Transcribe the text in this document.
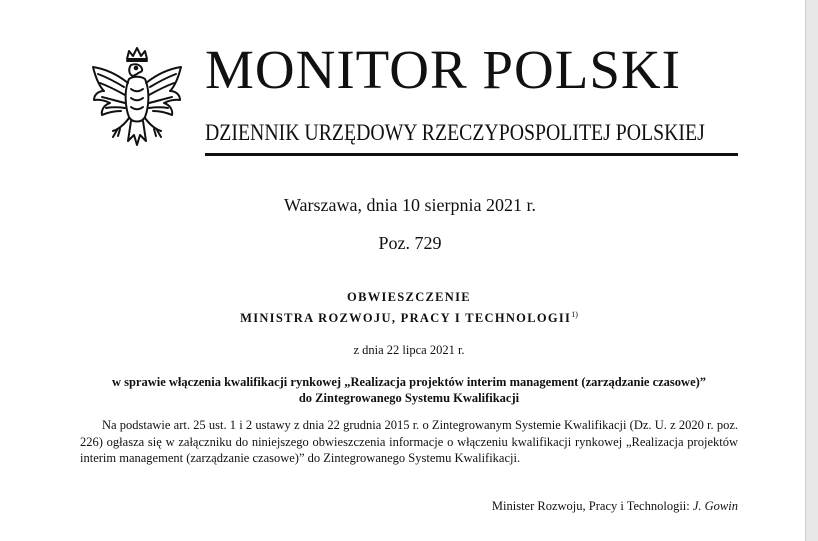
MONITOR POLSKI
DZIENNIK URZĘDOWY RZECZYPOSPOLITEJ POLSKIEJ
Warszawa, dnia 10 sierpnia 2021 r.
Poz. 729
OBWIESZCZENIE
MINISTRA ROZWOJU, PRACY I TECHNOLOGII$^{1)}$
z dnia 22 lipca 2021 r.
w sprawie włączenia kwalifikacji rynkowej „Realizacja projektów interim management (zarządzanie czasowe)”
do Zintegrowanego Systemu Kwalifikacji
Na podstawie art. 25 ust. 1 i 2 ustawy z dnia 22 grudnia 2015 r. o Zintegrowanym Systemie Kwalifikacji (Dz. U. z 2020 r. poz. 226) ogłasza się w załączniku do niniejszego obwieszczenia informacje o włączeniu kwalifikacji rynkowej „Realizacja projektów interim management (zarządzanie czasowe)” do Zintegrowanego Systemu Kwalifikacji.
Minister Rozwoju, Pracy i Technologii: J. Gowin
